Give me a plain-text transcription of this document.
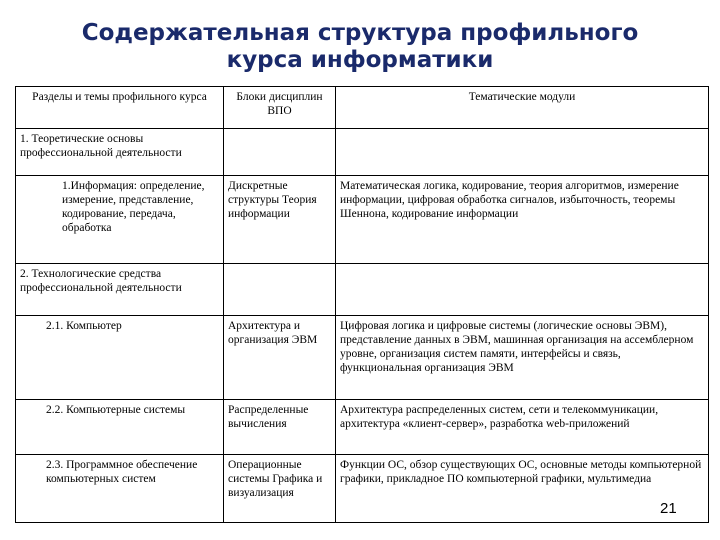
Содержательная структура профильного
курса информатики
Разделы и темы профильного курса	Блоки дисциплин ВПО	Тематические модули
1. Теоретические основы профессиональной деятельности		
1.Информация: определение, измерение, представление, кодирование, передача, обработка	Дискретные структуры Теория информации	Математическая логика, кодирование, теория алгоритмов, измерение информации, цифровая обработка сигналов, избыточность, теоремы Шеннона, кодирование информации
2. Технологические средства профессиональной деятельности		
2.1. Компьютер	Архитектура и организация ЭВМ	Цифровая логика и цифровые системы (логические основы ЭВМ), представление данных в ЭВМ, машинная организация на ассемблерном уровне, организация систем памяти, интерфейсы и связь, функциональная организация ЭВМ
2.2. Компьютерные системы	Распределенные вычисления	Архитектура распределенных систем, сети и телекоммуникации, архитектура «клиент-сервер», разработка web-приложений
2.3. Программное обеспечение компьютерных систем	Операционные системы Графика и визуализация	Функции ОС, обзор существующих ОС, основные методы компьютерной графики, прикладное ПО компьютерной графики, мультимедиа
21
